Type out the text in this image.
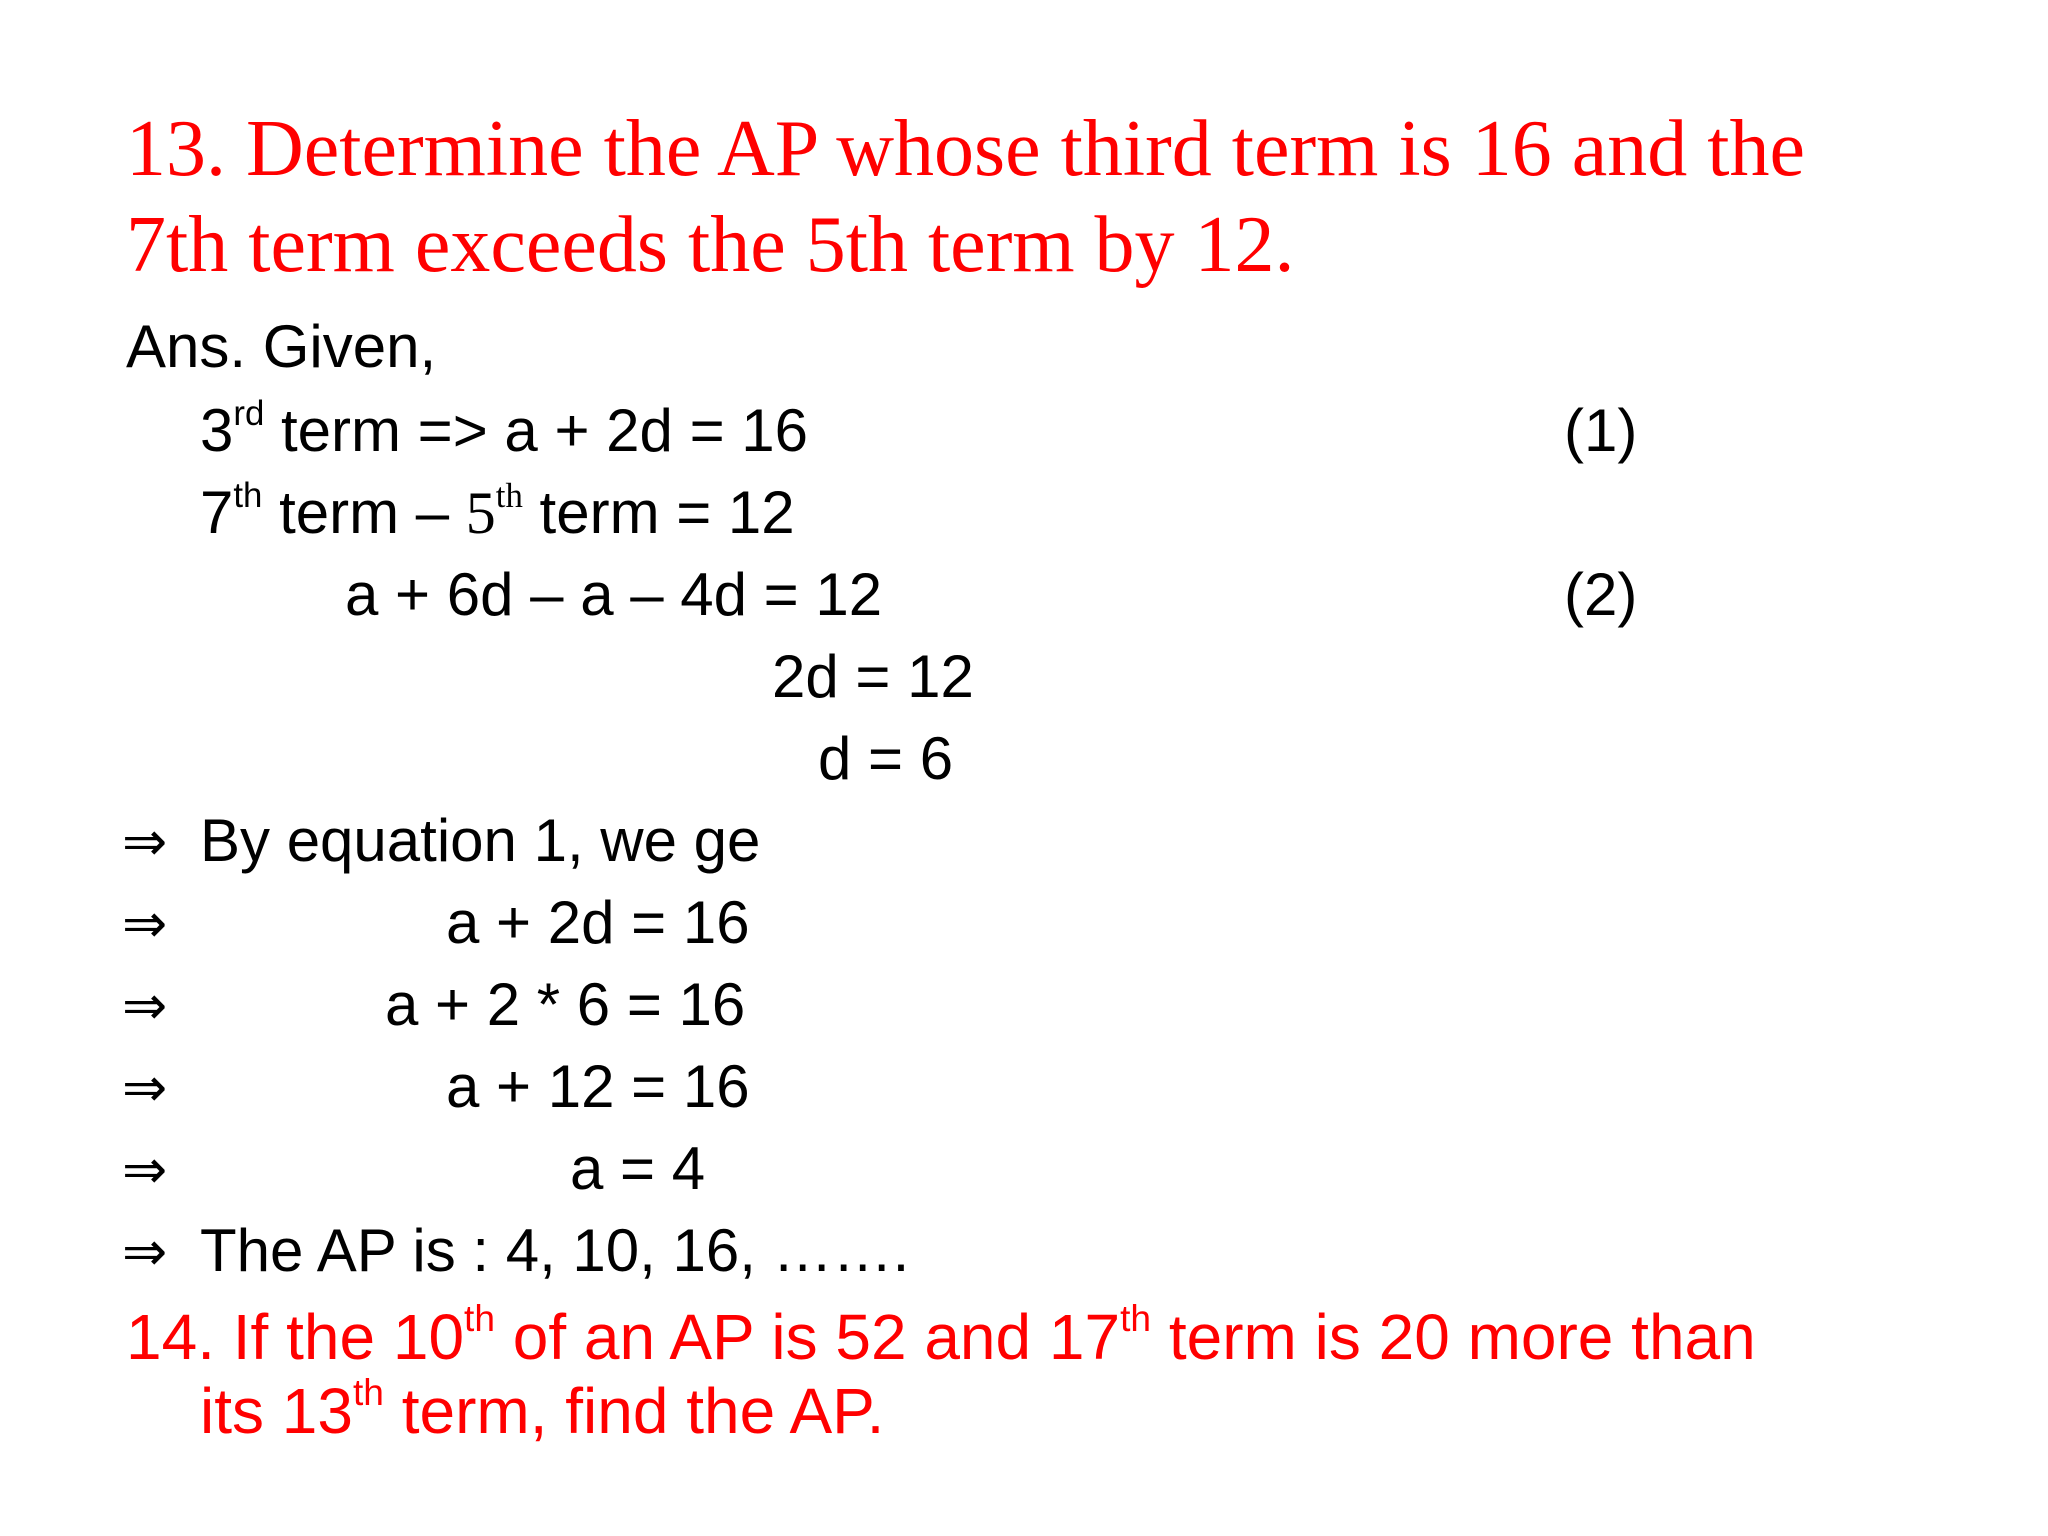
13. Determine the AP whose third term is 16 and the
7th term exceeds the 5th term by 12.
Ans. Given,
3rd term => a + 2d = 16	(1)
7th term – 5th term = 12
a + 6d – a – 4d = 12	(2)
2d = 12
d = 6
⇒ By equation 1, we ge
⇒	a + 2d = 16
⇒	a + 2 * 6 = 16
⇒	a + 12 = 16
⇒	a = 4
⇒ The AP is : 4, 10, 16, …….
14. If the 10th of an AP is 52 and 17th term is 20 more than
its 13th term, find the AP.
